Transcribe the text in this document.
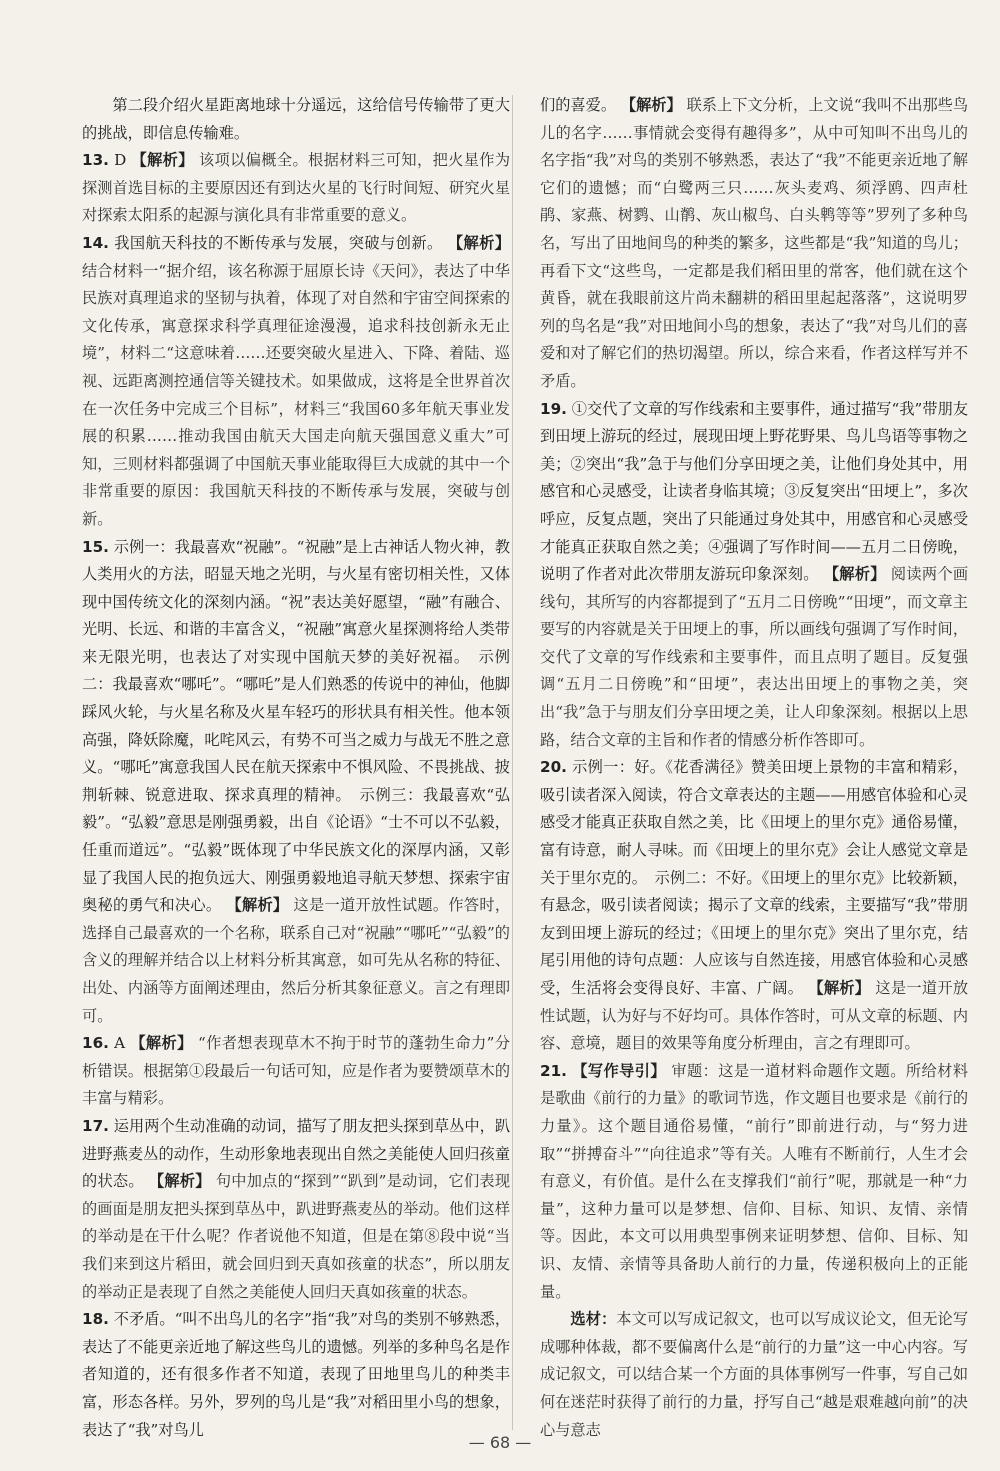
第二段介绍火星距离地球十分遥远，这给信号传输带了更大的挑战，即信息传输难。

13. D 【解析】 该项以偏概全。根据材料三可知，把火星作为探测首选目标的主要原因还有到达火星的飞行时间短、研究火星对探索太阳系的起源与演化具有非常重要的意义。

14. 我国航天科技的不断传承与发展，突破与创新。 【解析】 结合材料一“据介绍，该名称源于屈原长诗《天问》，表达了中华民族对真理追求的坚韧与执着，体现了对自然和宇宙空间探索的文化传承，寓意探求科学真理征途漫漫，追求科技创新永无止境”，材料二“这意味着……还要突破火星进入、下降、着陆、巡视、远距离测控通信等关键技术。如果做成，这将是全世界首次在一次任务中完成三个目标”，材料三“我国60多年航天事业发展的积累……推动我国由航天大国走向航天强国意义重大”可知，三则材料都强调了中国航天事业能取得巨大成就的其中一个非常重要的原因：我国航天科技的不断传承与发展，突破与创新。

15. 示例一：我最喜欢“祝融”。“祝融”是上古神话人物火神，教人类用火的方法，昭显天地之光明，与火星有密切相关性，又体现中国传统文化的深刻内涵。“祝”表达美好愿望，“融”有融合、光明、长远、和谐的丰富含义，“祝融”寓意火星探测将给人类带来无限光明，也表达了对实现中国航天梦的美好祝福。　示例二：我最喜欢“哪吒”。“哪吒”是人们熟悉的传说中的神仙，他脚踩风火轮，与火星名称及火星车轻巧的形状具有相关性。他本领高强，降妖除魔，叱咤风云，有势不可当之威力与战无不胜之意义。“哪吒”寓意我国人民在航天探索中不惧风险、不畏挑战、披荆斩棘、锐意进取、探求真理的精神。　示例三：我最喜欢“弘毅”。“弘毅”意思是刚强勇毅，出自《论语》“士不可以不弘毅，任重而道远”。“弘毅”既体现了中华民族文化的深厚内涵，又彰显了我国人民的抱负远大、刚强勇毅地追寻航天梦想、探索宇宙奥秘的勇气和决心。 【解析】 这是一道开放性试题。作答时，选择自己最喜欢的一个名称，联系自己对“祝融”“哪吒”“弘毅”的含义的理解并结合以上材料分析其寓意，如可先从名称的特征、出处、内涵等方面阐述理由，然后分析其象征意义。言之有理即可。

16. A 【解析】 “作者想表现草木不拘于时节的蓬勃生命力”分析错误。根据第①段最后一句话可知，应是作者为要赞颂草木的丰富与精彩。

17. 运用两个生动准确的动词，描写了朋友把头探到草丛中，趴进野燕麦丛的动作，生动形象地表现出自然之美能使人回归孩童的状态。 【解析】 句中加点的“探到”“趴到”是动词，它们表现的画面是朋友把头探到草丛中，趴进野燕麦丛的举动。他们这样的举动是在干什么呢？作者说他不知道，但是在第⑧段中说“当我们来到这片稻田，就会回归到天真如孩童的状态”，所以朋友的举动正是表现了自然之美能使人回归天真如孩童的状态。

18. 不矛盾。“叫不出鸟儿的名字”指“我”对鸟的类别不够熟悉，表达了不能更亲近地了解这些鸟儿的遗憾。列举的多种鸟名是作者知道的，还有很多作者不知道，表现了田地里鸟儿的种类丰富，形态各样。另外，罗列的鸟儿是“我”对稻田里小鸟的想象，表达了“我”对鸟儿

们的喜爱。 【解析】 联系上下文分析，上文说“我叫不出那些鸟儿的名字……事情就会变得有趣得多”，从中可知叫不出鸟儿的名字指“我”对鸟的类别不够熟悉，表达了“我”不能更亲近地了解它们的遗憾；而“白鹭两三只……灰头麦鸡、须浮鸥、四声杜鹃、家燕、树鹨、山鹡、灰山椒鸟、白头鹎等等”罗列了多种鸟名，写出了田地间鸟的种类的繁多，这些都是“我”知道的鸟儿；再看下文“这些鸟，一定都是我们稻田里的常客，他们就在这个黄昏，就在我眼前这片尚未翻耕的稻田里起起落落”，这说明罗列的鸟名是“我”对田地间小鸟的想象，表达了“我”对鸟儿们的喜爱和对了解它们的热切渴望。所以，综合来看，作者这样写并不矛盾。

19. ①交代了文章的写作线索和主要事件，通过描写“我”带朋友到田埂上游玩的经过，展现田埂上野花野果、鸟儿鸟语等事物之美；②突出“我”急于与他们分享田埂之美，让他们身处其中，用感官和心灵感受，让读者身临其境；③反复突出“田埂上”，多次呼应，反复点题，突出了只能通过身处其中，用感官和心灵感受才能真正获取自然之美；④强调了写作时间——五月二日傍晚，说明了作者对此次带朋友游玩印象深刻。 【解析】 阅读两个画线句，其所写的内容都提到了“五月二日傍晚”“田埂”，而文章主要写的内容就是关于田埂上的事，所以画线句强调了写作时间，交代了文章的写作线索和主要事件，而且点明了题目。反复强调“五月二日傍晚”和“田埂”，表达出田埂上的事物之美，突出“我”急于与朋友们分享田埂之美，让人印象深刻。根据以上思路，结合文章的主旨和作者的情感分析作答即可。

20. 示例一：好。《花香满径》赞美田埂上景物的丰富和精彩，吸引读者深入阅读，符合文章表达的主题——用感官体验和心灵感受才能真正获取自然之美，比《田埂上的里尔克》通俗易懂，富有诗意，耐人寻味。而《田埂上的里尔克》会让人感觉文章是关于里尔克的。　示例二：不好。《田埂上的里尔克》比较新颖，有悬念，吸引读者阅读；揭示了文章的线索，主要描写“我”带朋友到田埂上游玩的经过；《田埂上的里尔克》突出了里尔克，结尾引用他的诗句点题：人应该与自然连接，用感官体验和心灵感受，生活将会变得良好、丰富、广阔。 【解析】 这是一道开放性试题，认为好与不好均可。具体作答时，可从文章的标题、内容、意境，题目的效果等角度分析理由，言之有理即可。

21. 【写作导引】 审题：这是一道材料命题作文题。所给材料是歌曲《前行的力量》的歌词节选，作文题目也要求是《前行的力量》。这个题目通俗易懂，“前行”即前进行动，与“努力进取”“拼搏奋斗”“向往追求”等有关。人唯有不断前行，人生才会有意义，有价值。是什么在支撑我们“前行”呢，那就是一种“力量”，这种力量可以是梦想、信仰、目标、知识、友情、亲情等。因此，本文可以用典型事例来证明梦想、信仰、目标、知识、友情、亲情等具备助人前行的力量，传递积极向上的正能量。

选材：本文可以写成记叙文，也可以写成议论文，但无论写成哪种体裁，都不要偏离什么是“前行的力量”这一中心内容。写成记叙文，可以结合某一个方面的具体事例写一件事，写自己如何在迷茫时获得了前行的力量，抒写自己“越是艰难越向前”的决心与意志

— 68 —
